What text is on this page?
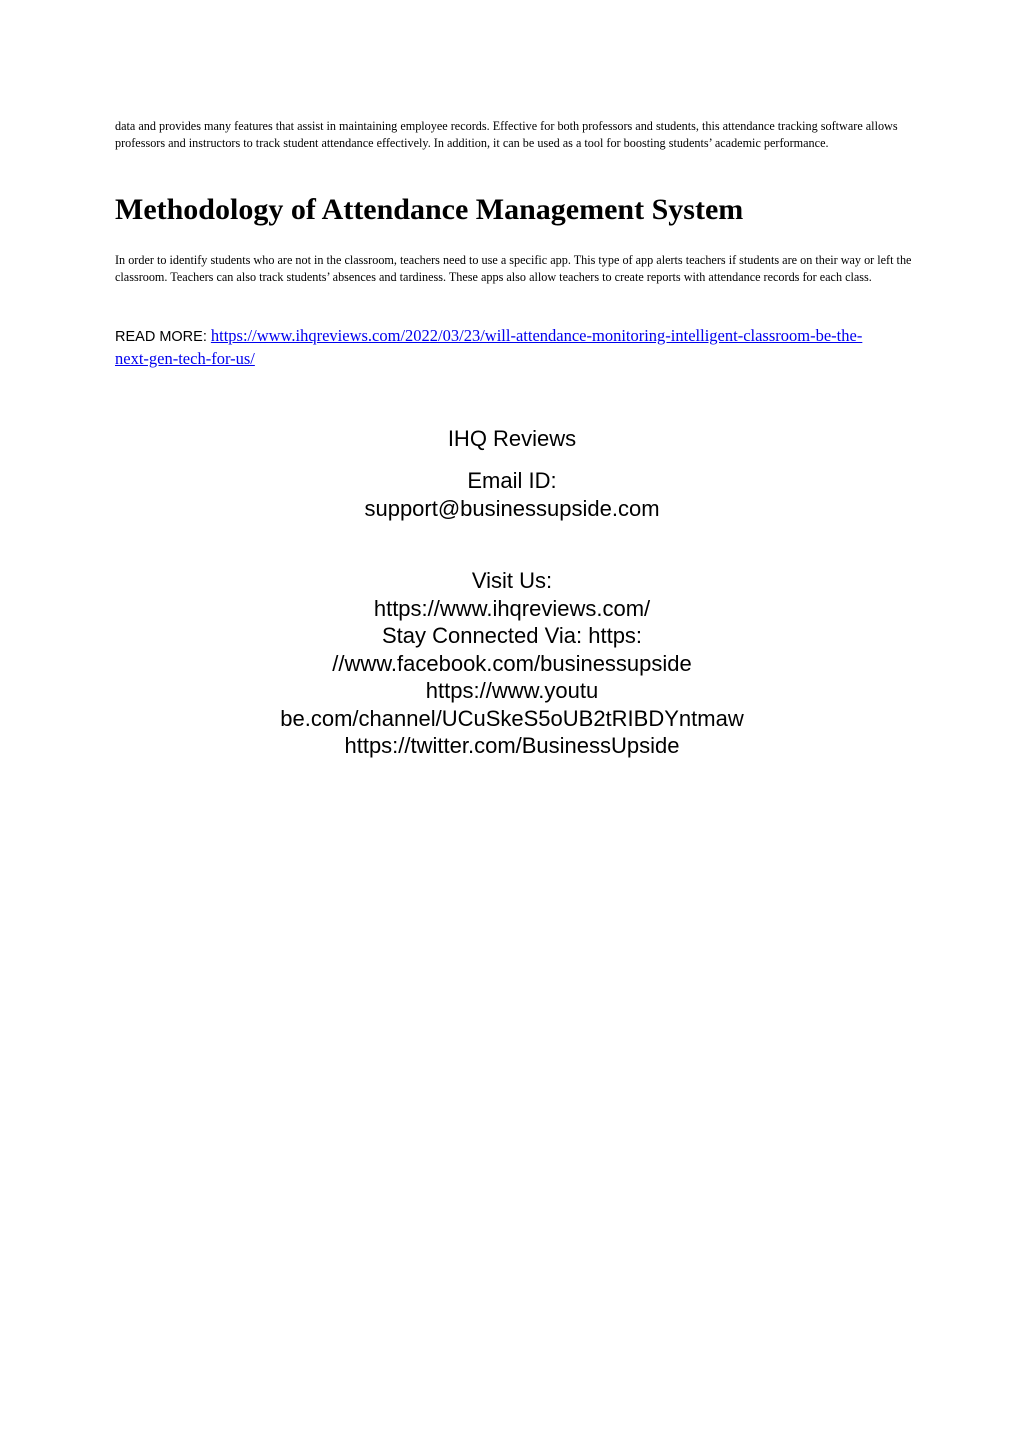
data and provides many features that assist in maintaining employee records. Effective for both professors and students, this attendance tracking software allows professors and instructors to track student attendance effectively. In addition, it can be used as a tool for boosting students’ academic performance.

Methodology of Attendance Management System

In order to identify students who are not in the classroom, teachers need to use a specific app. This type of app alerts teachers if students are on their way or left the classroom. Teachers can also track students’ absences and tardiness. These apps also allow teachers to create reports with attendance records for each class.

READ MORE: https://www.ihqreviews.com/2022/03/23/will-attendance-monitoring-intelligent-classroom-be-the-next-gen-tech-for-us/

IHQ Reviews

Email ID:
support@businessupside.com

Visit Us:
https://www.ihqreviews.com/
Stay Connected Via: https:
//www.facebook.com/businessupside
https://www.youtu
be.com/channel/UCuSkeS5oUB2tRIBDYntmaw
https://twitter.com/BusinessUpside
